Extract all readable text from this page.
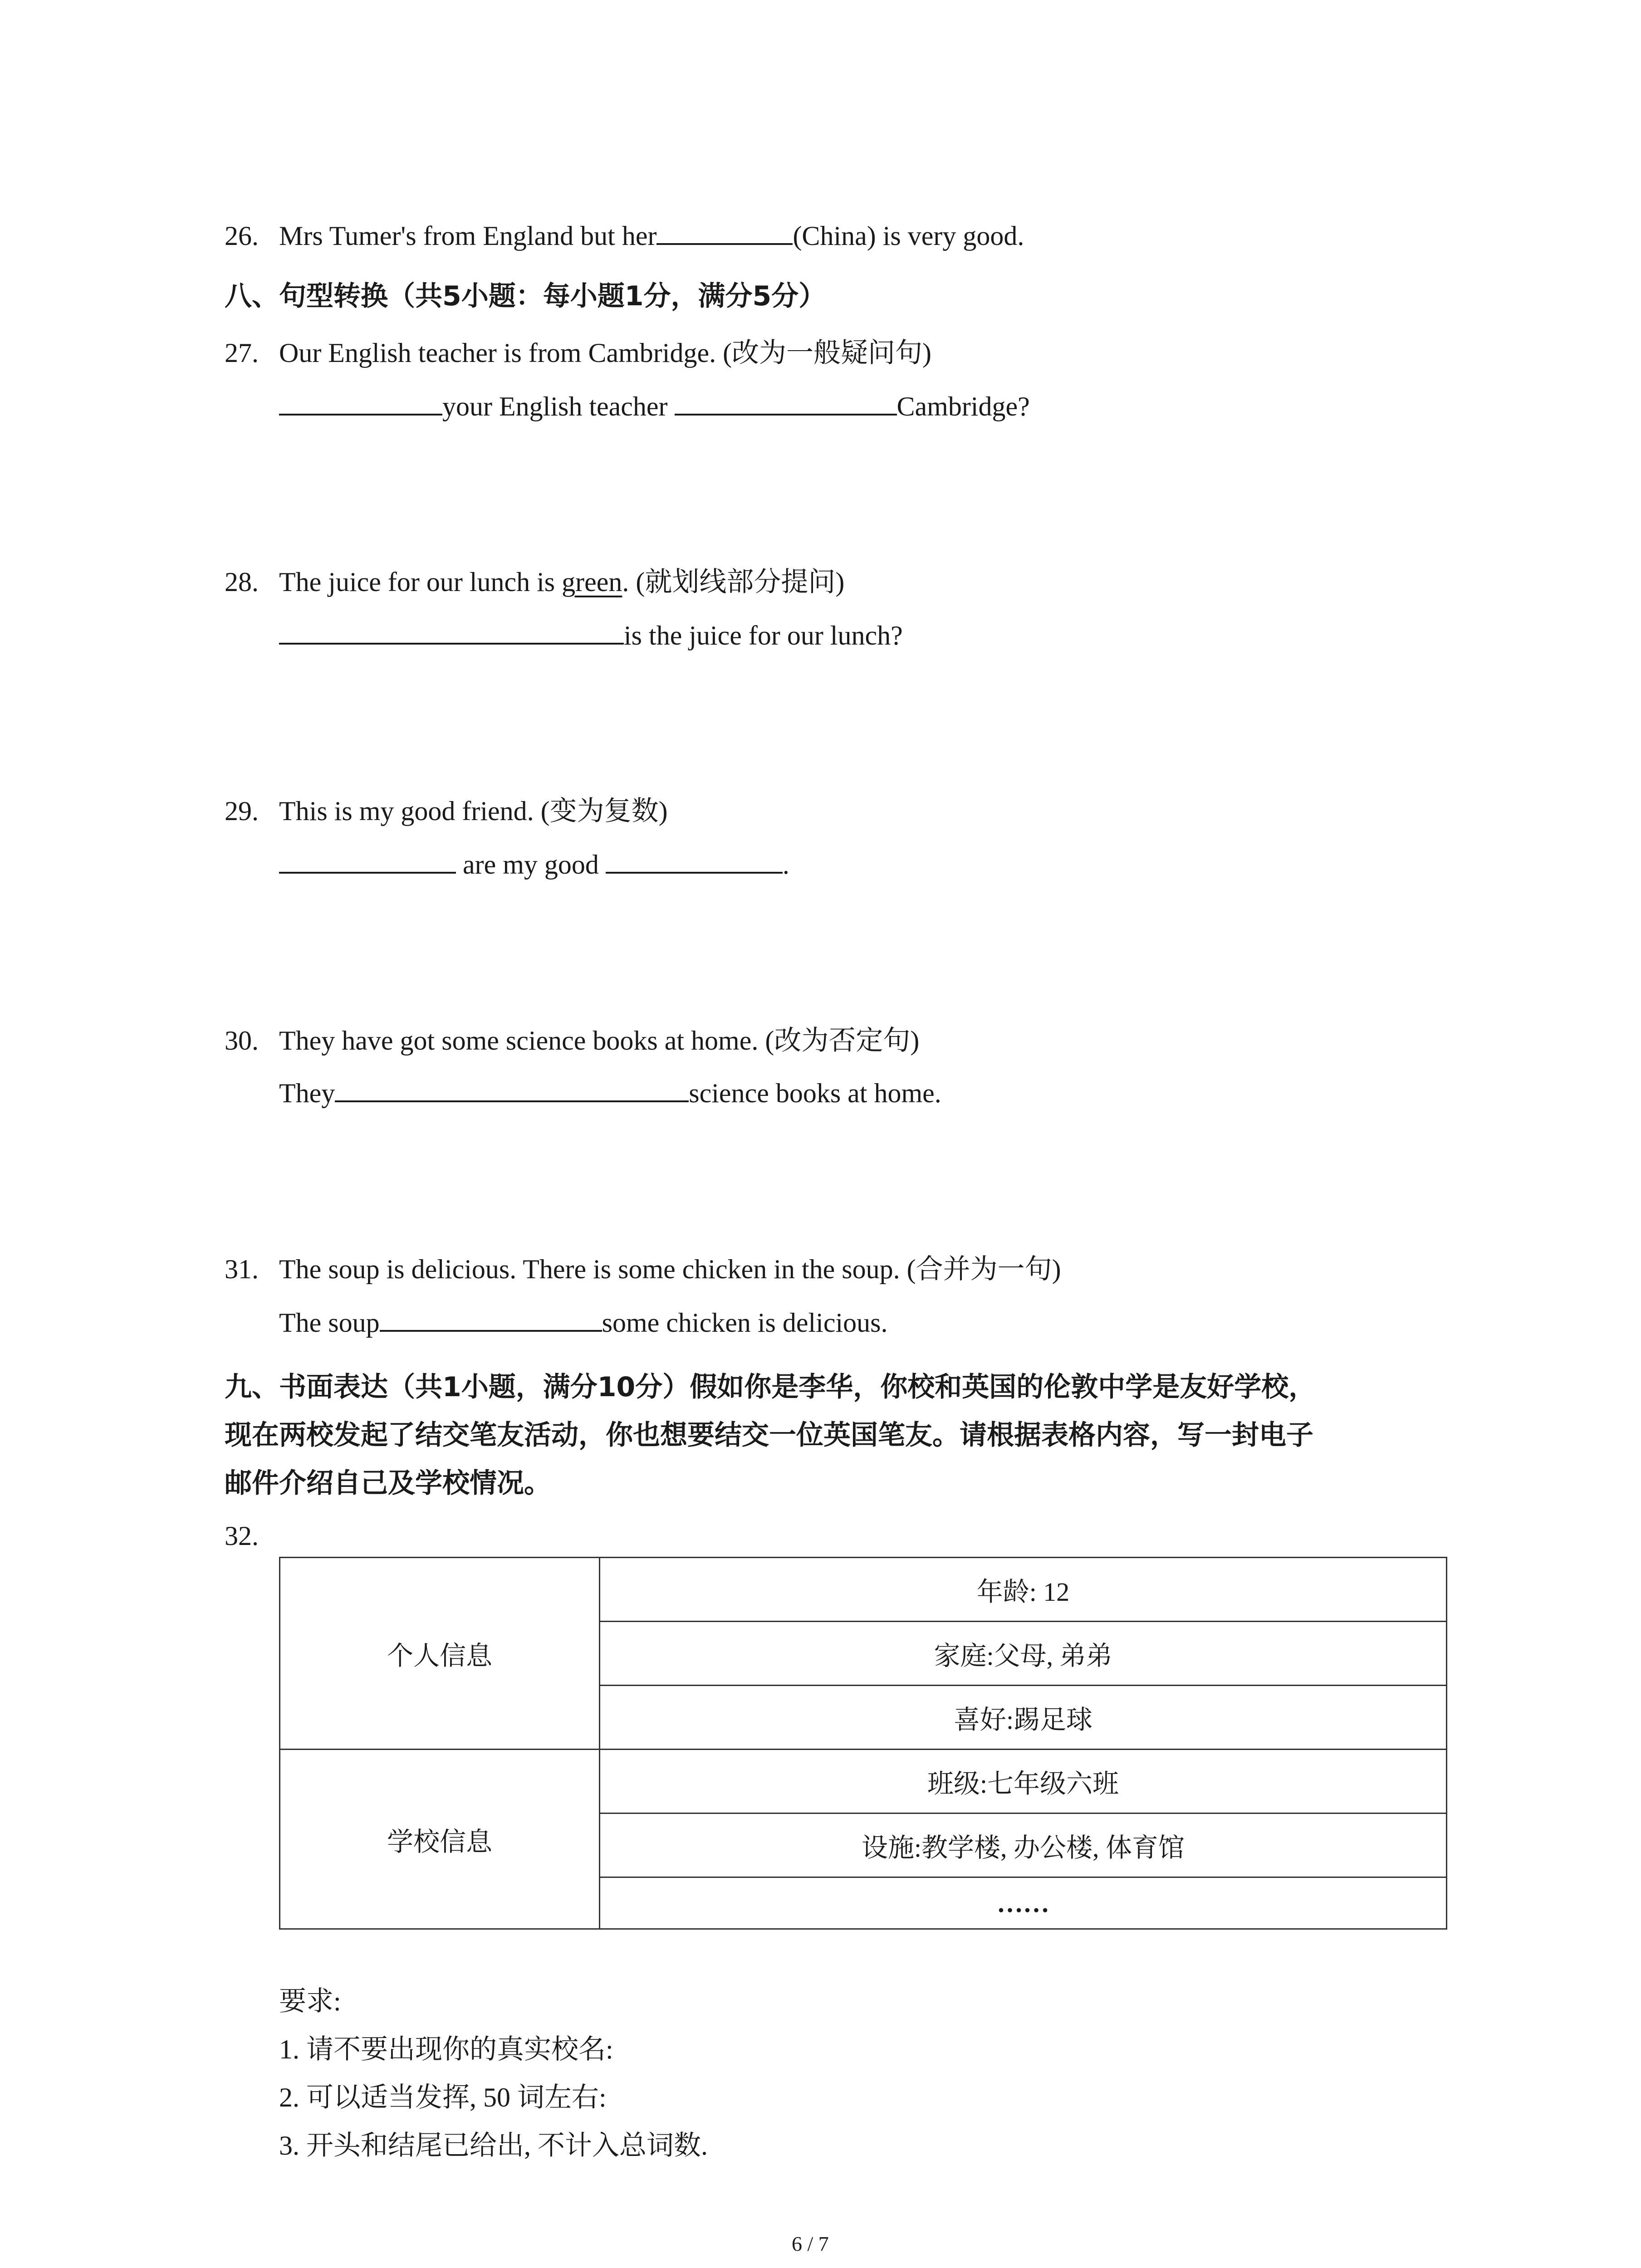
26. Mrs Tumer's from England but her	(China) is very good.
八、句型转换（共5小题：每小题1分，满分5分）
27. Our English teacher is from Cambridge. (改为一般疑问句)
your English teacher	Cambridge?
28. The juice for our lunch is green. (就划线部分提问)
is the juice for our lunch?
29. This is my good friend. (变为复数)
are my good	.
30. They have got some science books at home. (改为否定句)
They	science books at home.
31. The soup is delicious. There is some chicken in the soup. (合并为一句)
The soup	some chicken is delicious.
九、书面表达（共1小题，满分10分）假如你是李华，你校和英国的伦敦中学是友好学校，
现在两校发起了结交笔友活动，你也想要结交一位英国笔友。请根据表格内容，写一封电子
邮件介绍自己及学校情况。
32.
个人信息	年龄: 12
	家庭:父母, 弟弟
	喜好:踢足球
学校信息	班级:七年级六班
	设施:教学楼, 办公楼, 体育馆
	……
要求:
1. 请不要出现你的真实校名:
2. 可以适当发挥, 50 词左右:
3. 开头和结尾已给出, 不计入总词数.
6 / 7
